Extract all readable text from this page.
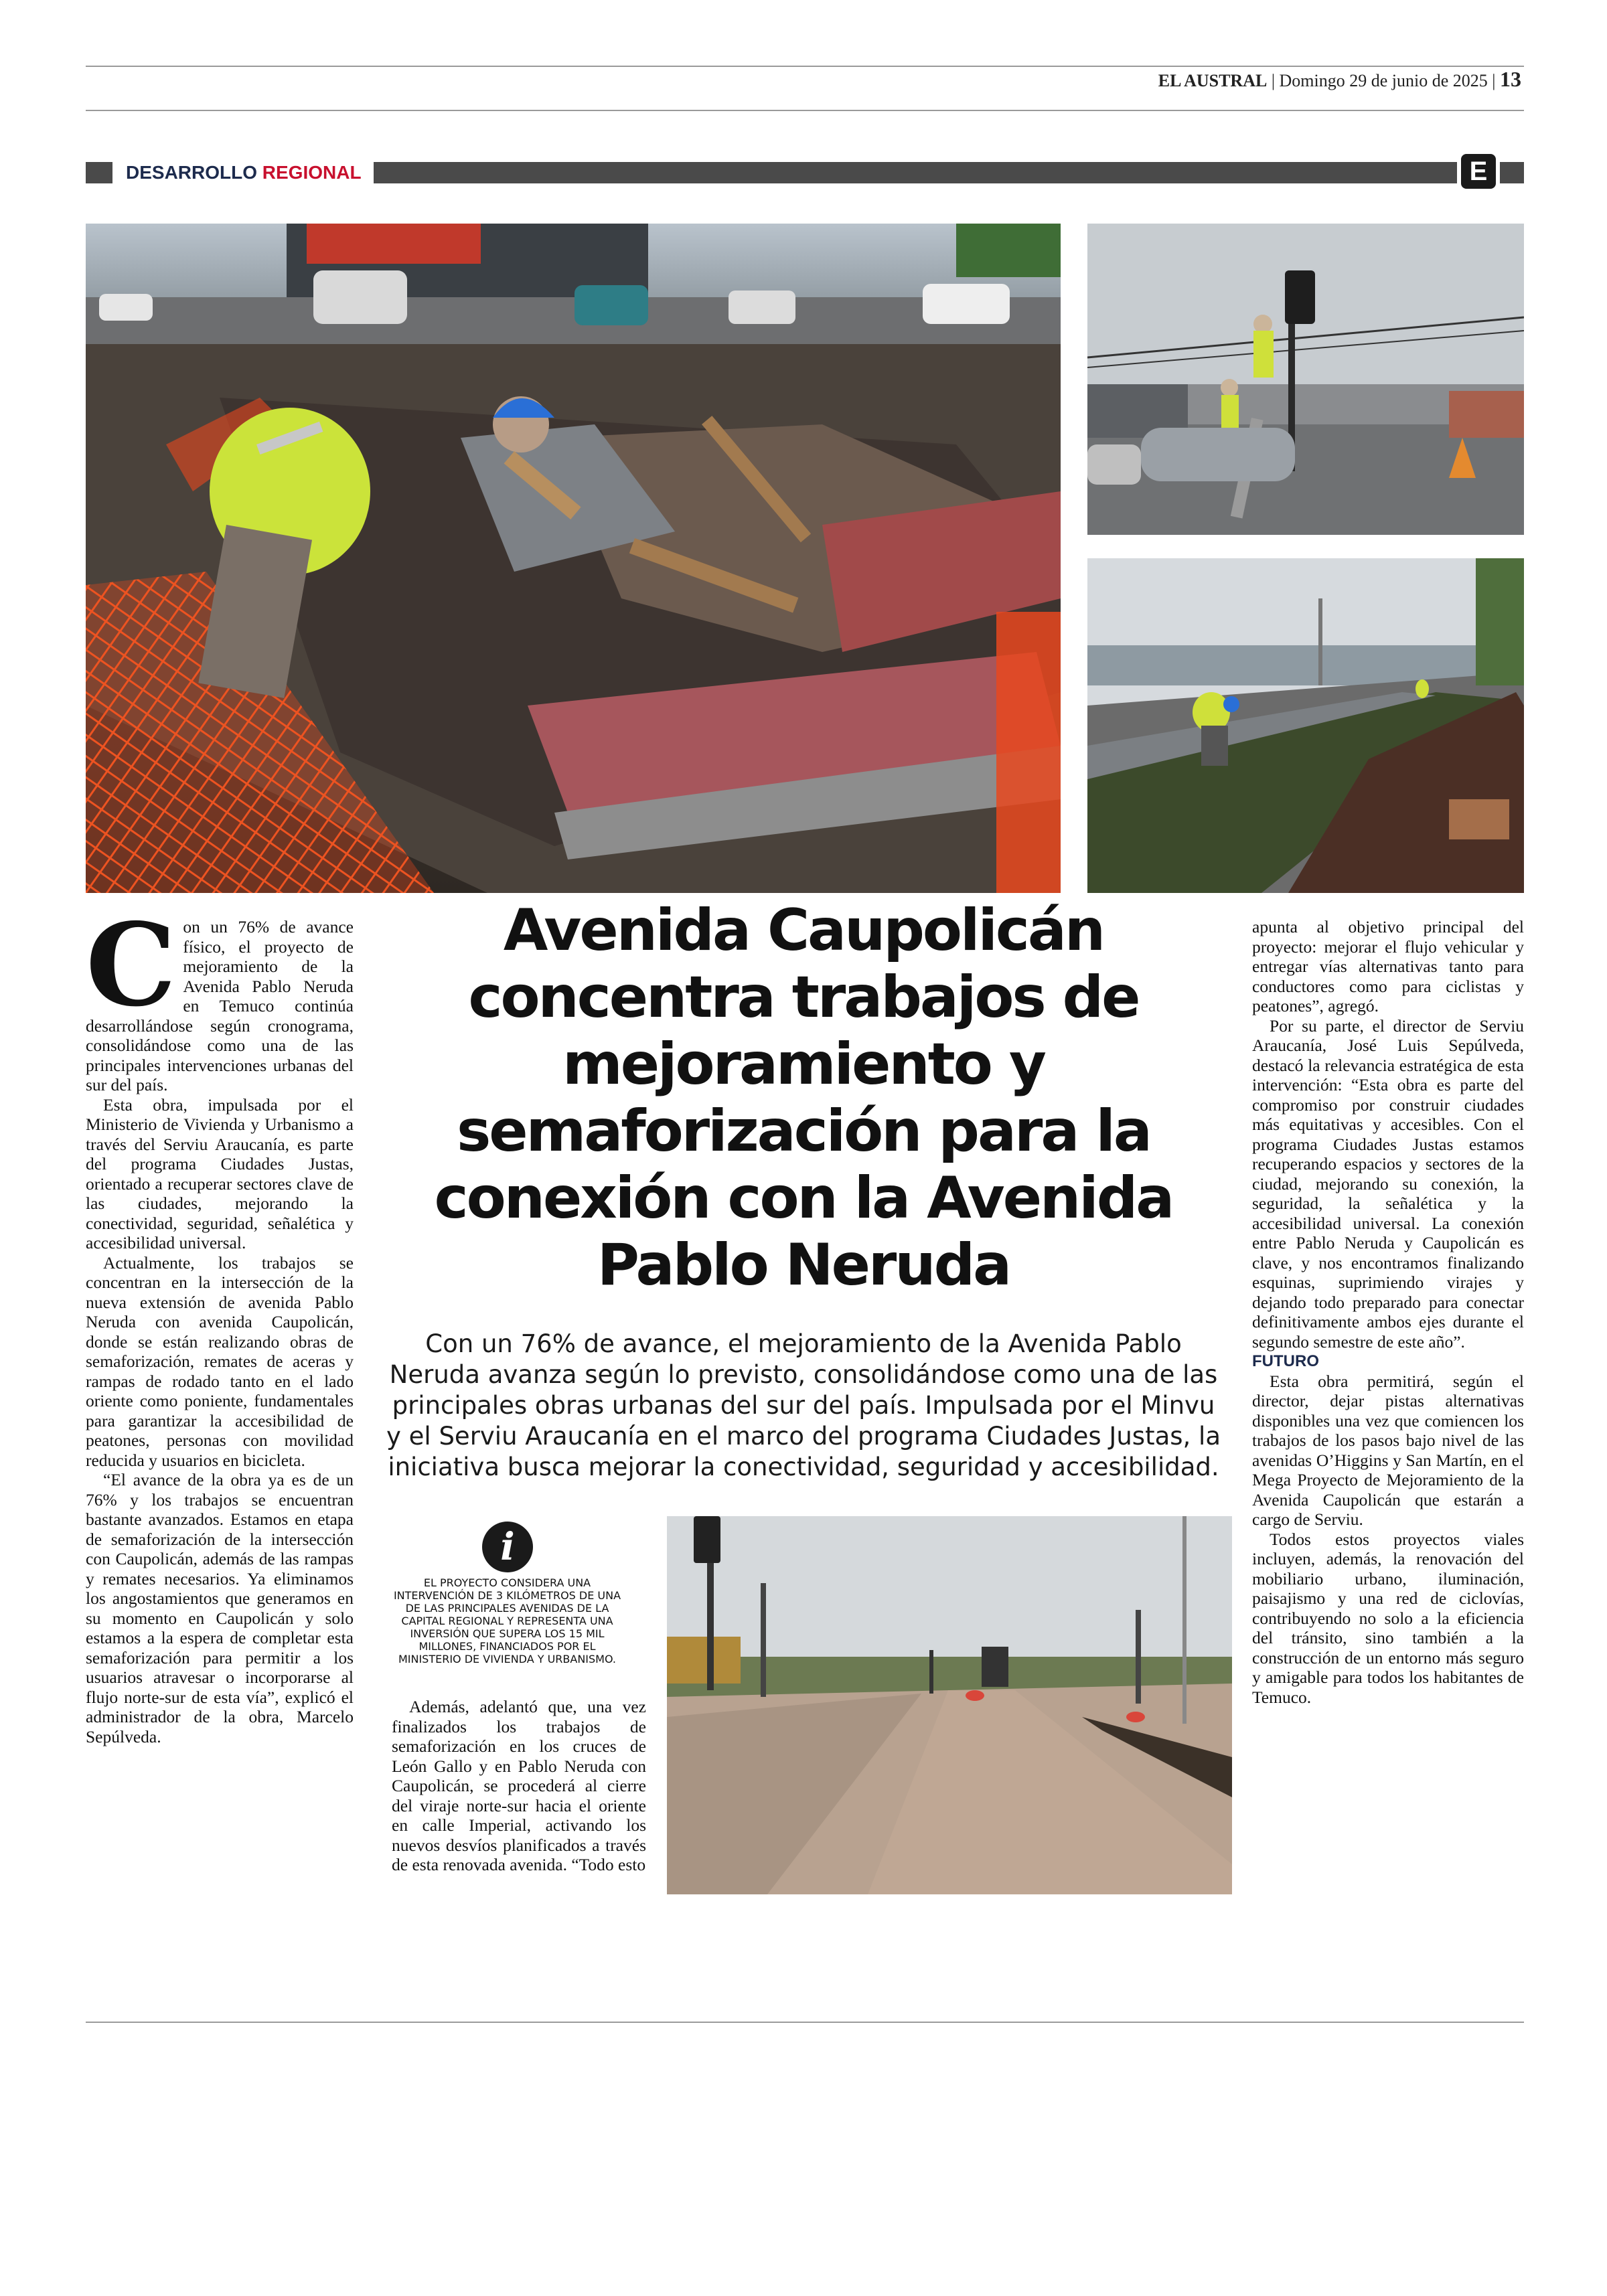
EL AUSTRAL | Domingo 29 de junio de 2025 | 13
DESARROLLO REGIONAL	E
C on un 76% de avance físico, el proyecto de mejoramiento de la Avenida Pablo Neruda en Temuco continúa desarrollándose según cronograma, consolidándose como una de las principales intervenciones urbanas del sur del país.

Esta obra, impulsada por el Ministerio de Vivienda y Urbanismo a través del Serviu Araucanía, es parte del programa Ciudades Justas, orientado a recuperar sectores clave de las ciudades, mejorando la conectividad, seguridad, señalética y accesibilidad universal.

Actualmente, los trabajos se concentran en la intersección de la nueva extensión de avenida Pablo Neruda con avenida Caupolicán, donde se están realizando obras de semaforización, remates de aceras y rampas de rodado tanto en el lado oriente como poniente, fundamentales para garantizar la accesibilidad de peatones, personas con movilidad reducida y usuarios en bicicleta.

“El avance de la obra ya es de un 76% y los trabajos se encuentran bastante avanzados. Estamos en etapa de semaforización de la intersección con Caupolicán, además de las rampas y remates necesarios. Ya eliminamos los angostamientos que generamos en su momento en Caupolicán y solo estamos a la espera de completar esta semaforización para permitir a los usuarios atravesar o incorporarse al flujo norte-sur de esta vía”, explicó el administrador de la obra, Marcelo Sepúlveda.

Avenida Caupolicán concentra trabajos de mejoramiento y semaforización para la conexión con la Avenida Pablo Neruda
Con un 76% de avance, el mejoramiento de la Avenida Pablo Neruda avanza según lo previsto, consolidándose como una de las principales obras urbanas del sur del país. Impulsada por el Minvu y el Serviu Araucanía en el marco del programa Ciudades Justas, la iniciativa busca mejorar la conectividad, seguridad y accesibilidad.
i
EL PROYECTO CONSIDERA UNA INTERVENCIÓN DE 3 KILÓMETROS DE UNA DE LAS PRINCIPALES AVENIDAS DE LA CAPITAL REGIONAL Y REPRESENTA UNA INVERSIÓN QUE SUPERA LOS 15 MIL MILLONES, FINANCIADOS POR EL MINISTERIO DE VIVIENDA Y URBANISMO.

Además, adelantó que, una vez finalizados los trabajos de semaforización en los cruces de León Gallo y en Pablo Neruda con Caupolicán, se procederá al cierre del viraje norte-sur hacia el oriente en calle Imperial, activando los nuevos desvíos planificados a través de esta renovada avenida. “Todo esto

apunta al objetivo principal del proyecto: mejorar el flujo vehicular y entregar vías alternativas tanto para conductores como para ciclistas y peatones”, agregó.

Por su parte, el director de Serviu Araucanía, José Luis Sepúlveda, destacó la relevancia estratégica de esta intervención: “Esta obra es parte del compromiso por construir ciudades más equitativas y accesibles. Con el programa Ciudades Justas estamos recuperando espacios y sectores de la ciudad, mejorando su conexión, la seguridad, la señalética y la accesibilidad universal. La conexión entre Pablo Neruda y Caupolicán es clave, y nos encontramos finalizando esquinas, suprimiendo virajes y dejando todo preparado para conectar definitivamente ambos ejes durante el segundo semestre de este año”.

FUTURO

Esta obra permitirá, según el director, dejar pistas alternativas disponibles una vez que comiencen los trabajos de los pasos bajo nivel de las avenidas O’Higgins y San Martín, en el Mega Proyecto de Mejoramiento de la Avenida Caupolicán que estarán a cargo de Serviu.

Todos estos proyectos viales incluyen, además, la renovación del mobiliario urbano, iluminación, paisajismo y una red de ciclovías, contribuyendo no solo a la eficiencia del tránsito, sino también a la construcción de un entorno más seguro y amigable para todos los habitantes de Temuco.
